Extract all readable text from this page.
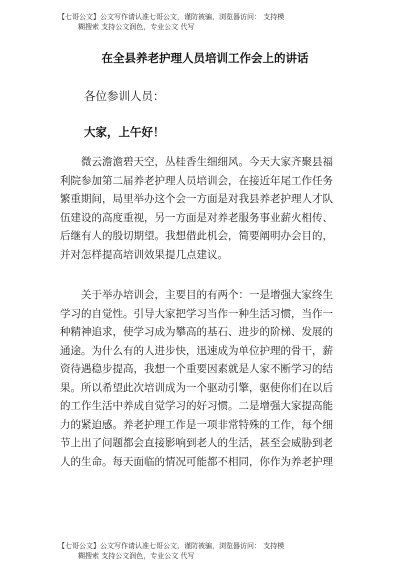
【七哥公文】公文写作请认准七哥公文，谨防被骗，浏览器访问： 支持模
糊搜索 支持公文润色，专业公文 代写
在全县养老护理人员培训工作会上的讲话
各位参训人员：
大家，上午好！
微云澹澹碧天空，丛桂香生细细风。今天大家齐聚县福
利院参加第二届养老护理人员培训会，在接近年尾工作任务
繁重期间，局里举办这个会一方面是对我县养老护理人才队
伍建设的高度重视，另一方面是对养老服务事业薪火相传、
后继有人的殷切期望。我想借此机会，简要阐明办会目的，
并对怎样提高培训效果提几点建议。
关于举办培训会，主要目的有两个：一是增强大家终生
学习的自觉性。引导大家把学习当作一种生活习惯，当作一
种精神追求，使学习成为攀高的基石、进步的阶梯、发展的
通途。为什么有的人进步快，迅速成为单位护理的骨干，薪
资待遇稳步提高，我想一个重要因素就是人家不断学习的结
果。所以希望此次培训成为一个驱动引擎，驱使你们在以后
的工作生活中养成自觉学习的好习惯。二是增强大家提高能
力的紧迫感。养老护理工作是一项非常特殊的工作，每个细
节上出了问题都会直接影响到老人的生活，甚至会威胁到老
人的生命。每天面临的情况可能都不相同，你作为养老护理
【七哥公文】公文写作请认准七哥公文，谨防被骗，浏览器访问： 支持模
糊搜索 支持公文润色，专业公文 代写
